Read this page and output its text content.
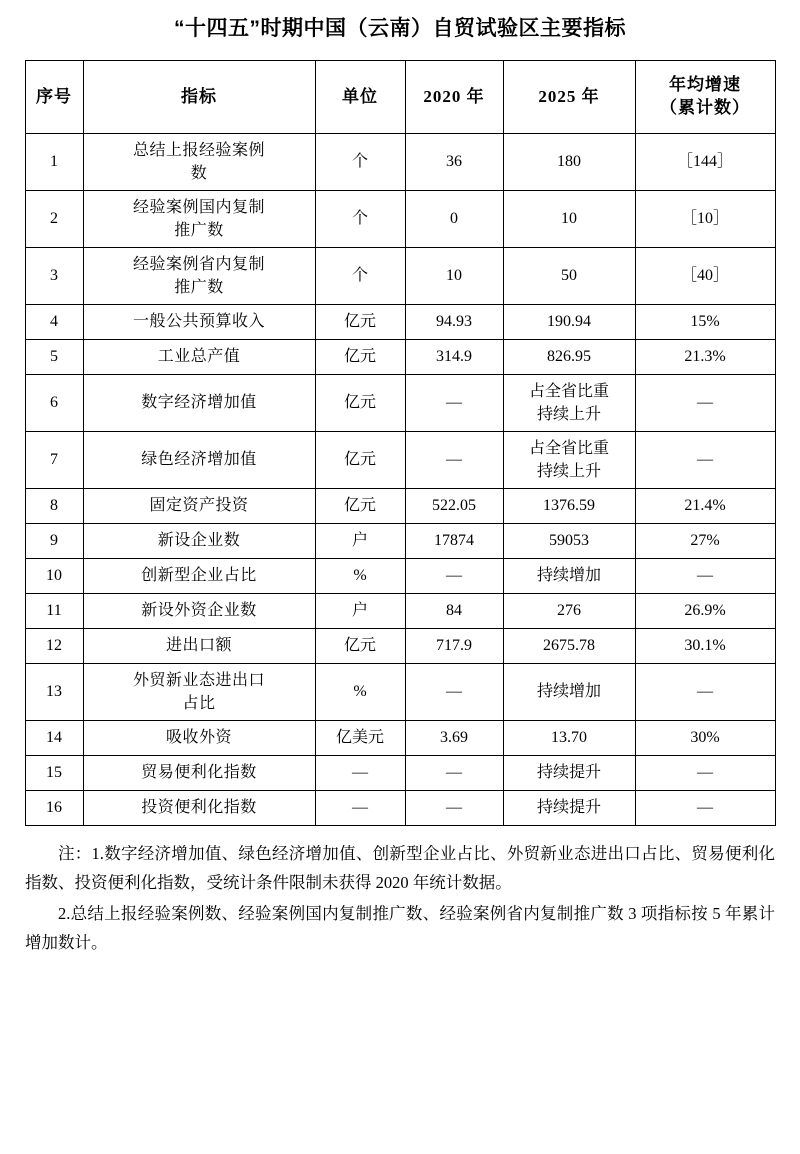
“十四五”时期中国（云南）自贸试验区主要指标
序号	指标	单位	2020 年	2025 年	年均增速
（累计数）

1	总结上报经验案例
数	个	36	180	［144］
2	经验案例国内复制
推广数	个	0	10	［10］
3	经验案例省内复制
推广数	个	10	50	［40］
4	一般公共预算收入	亿元	94.93	190.94	15%
5	工业总产值	亿元	314.9	826.95	21.3%
6	数字经济增加值	亿元	—	占全省比重
持续上升	—
7	绿色经济增加值	亿元	—	占全省比重
持续上升	—
8	固定资产投资	亿元	522.05	1376.59	21.4%
9	新设企业数	户	17874	59053	27%
10	创新型企业占比	%	—	持续增加	—
11	新设外资企业数	户	84	276	26.9%
12	进出口额	亿元	717.9	2675.78	30.1%
13	外贸新业态进出口
占比	%	—	持续增加	—
14	吸收外资	亿美元	3.69	13.70	30%
15	贸易便利化指数	—	—	持续提升	—
16	投资便利化指数	—	—	持续提升	—

注：1.数字经济增加值、绿色经济增加值、创新型企业占比、外贸新业态进出口占比、贸易便利化指数、投资便利化指数，受统计条件限制未获得 2020 年统计数据。

2.总结上报经验案例数、经验案例国内复制推广数、经验案例省内复制推广数 3 项指标按 5 年累计增加数计。
